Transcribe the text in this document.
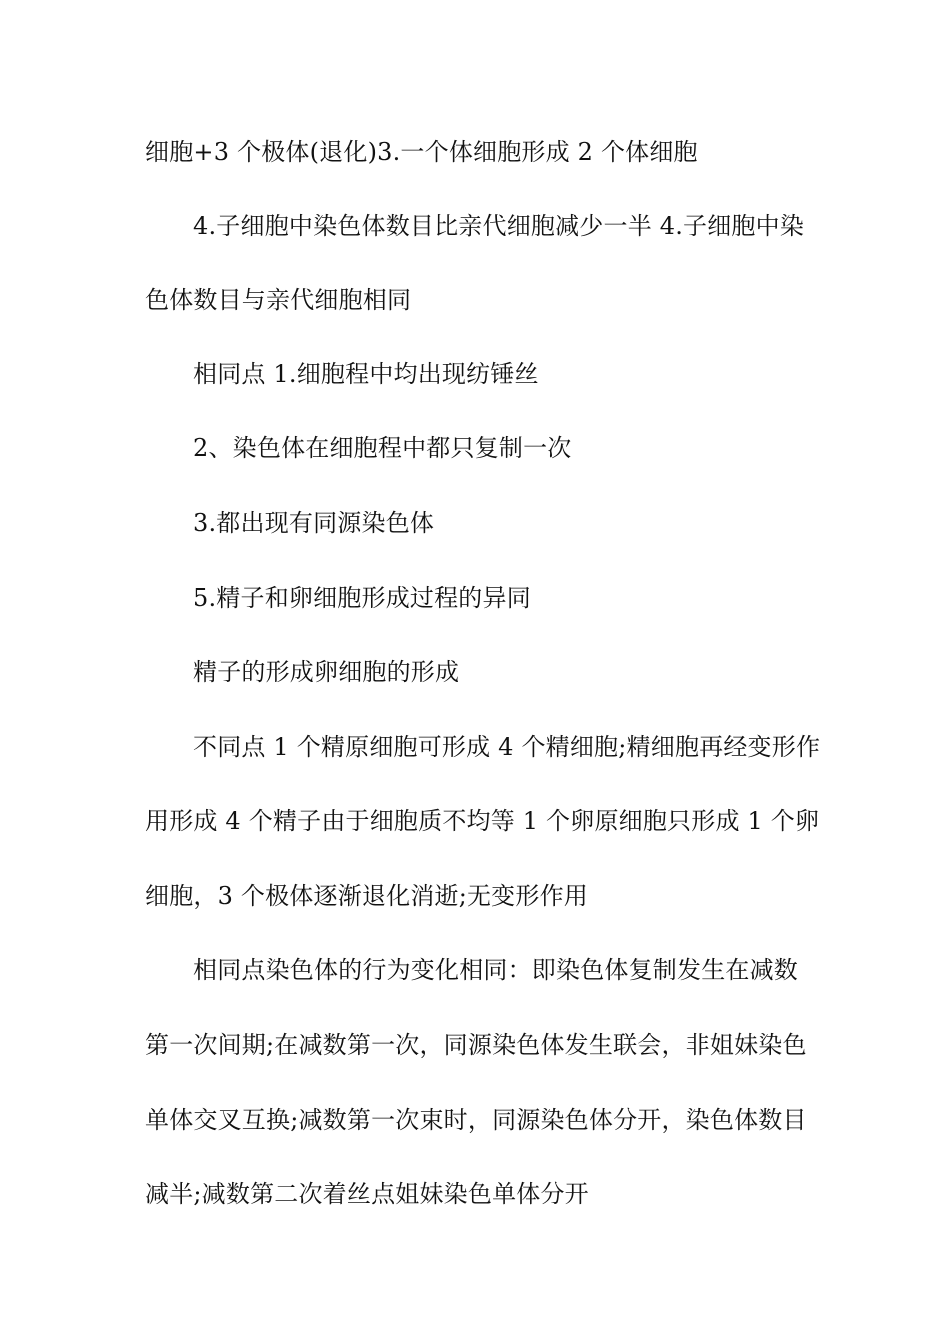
细胞+3 个极体(退化)3.一个体细胞形成 2 个体细胞
4.子细胞中染色体数目比亲代细胞减少一半 4.子细胞中染
色体数目与亲代细胞相同
相同点 1.细胞程中均出现纺锤丝
2、染色体在细胞程中都只复制一次
3.都出现有同源染色体
5.精子和卵细胞形成过程的异同
精子的形成卵细胞的形成
不同点 1 个精原细胞可形成 4 个精细胞;精细胞再经变形作
用形成 4 个精子由于细胞质不均等 1 个卵原细胞只形成 1 个卵
细胞，3 个极体逐渐退化消逝;无变形作用
相同点染色体的行为变化相同：即染色体复制发生在减数
第一次间期;在减数第一次，同源染色体发生联会，非姐妹染色
单体交叉互换;减数第一次束时，同源染色体分开，染色体数目
减半;减数第二次着丝点姐妹染色单体分开
